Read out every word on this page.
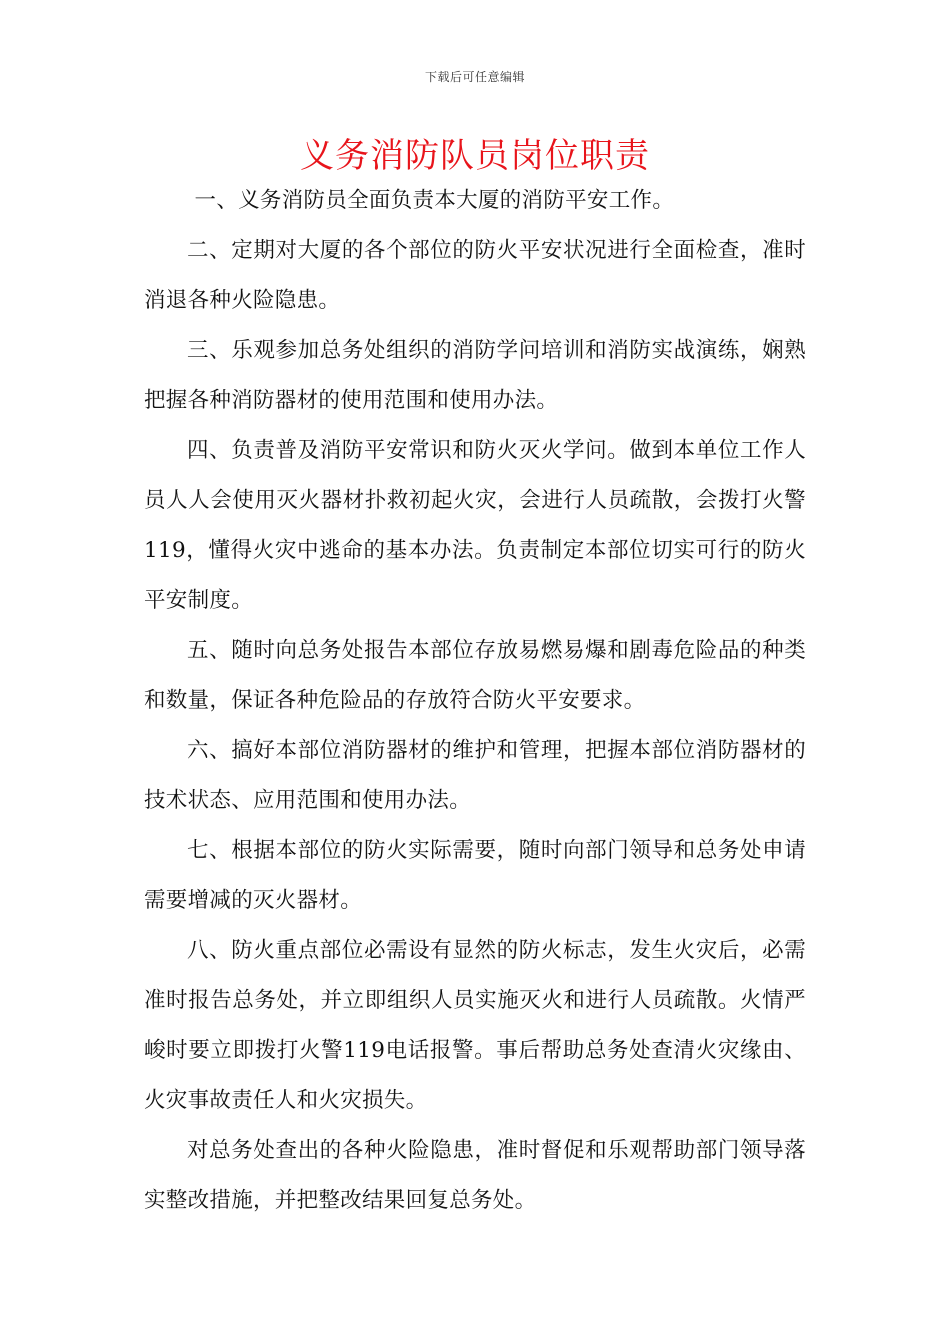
下载后可任意编辑
义务消防队员岗位职责

一、义务消防员全面负责本大厦的消防平安工作。

二、定期对大厦的各个部位的防火平安状况进行全面检查，准时消退各种火险隐患。

三、乐观参加总务处组织的消防学问培训和消防实战演练，娴熟把握各种消防器材的使用范围和使用办法。

四、负责普及消防平安常识和防火灭火学问。做到本单位工作人员人人会使用灭火器材扑救初起火灾，会进行人员疏散，会拨打火警119，懂得火灾中逃命的基本办法。负责制定本部位切实可行的防火平安制度。

五、随时向总务处报告本部位存放易燃易爆和剧毒危险品的种类和数量，保证各种危险品的存放符合防火平安要求。

六、搞好本部位消防器材的维护和管理，把握本部位消防器材的技术状态、应用范围和使用办法。

七、根据本部位的防火实际需要，随时向部门领导和总务处申请需要增减的灭火器材。

八、防火重点部位必需设有显然的防火标志，发生火灾后，必需准时报告总务处，并立即组织人员实施灭火和进行人员疏散。火情严峻时要立即拨打火警119电话报警。事后帮助总务处查清火灾缘由、火灾事故责任人和火灾损失。

对总务处查出的各种火险隐患，准时督促和乐观帮助部门领导落实整改措施，并把整改结果回复总务处。
